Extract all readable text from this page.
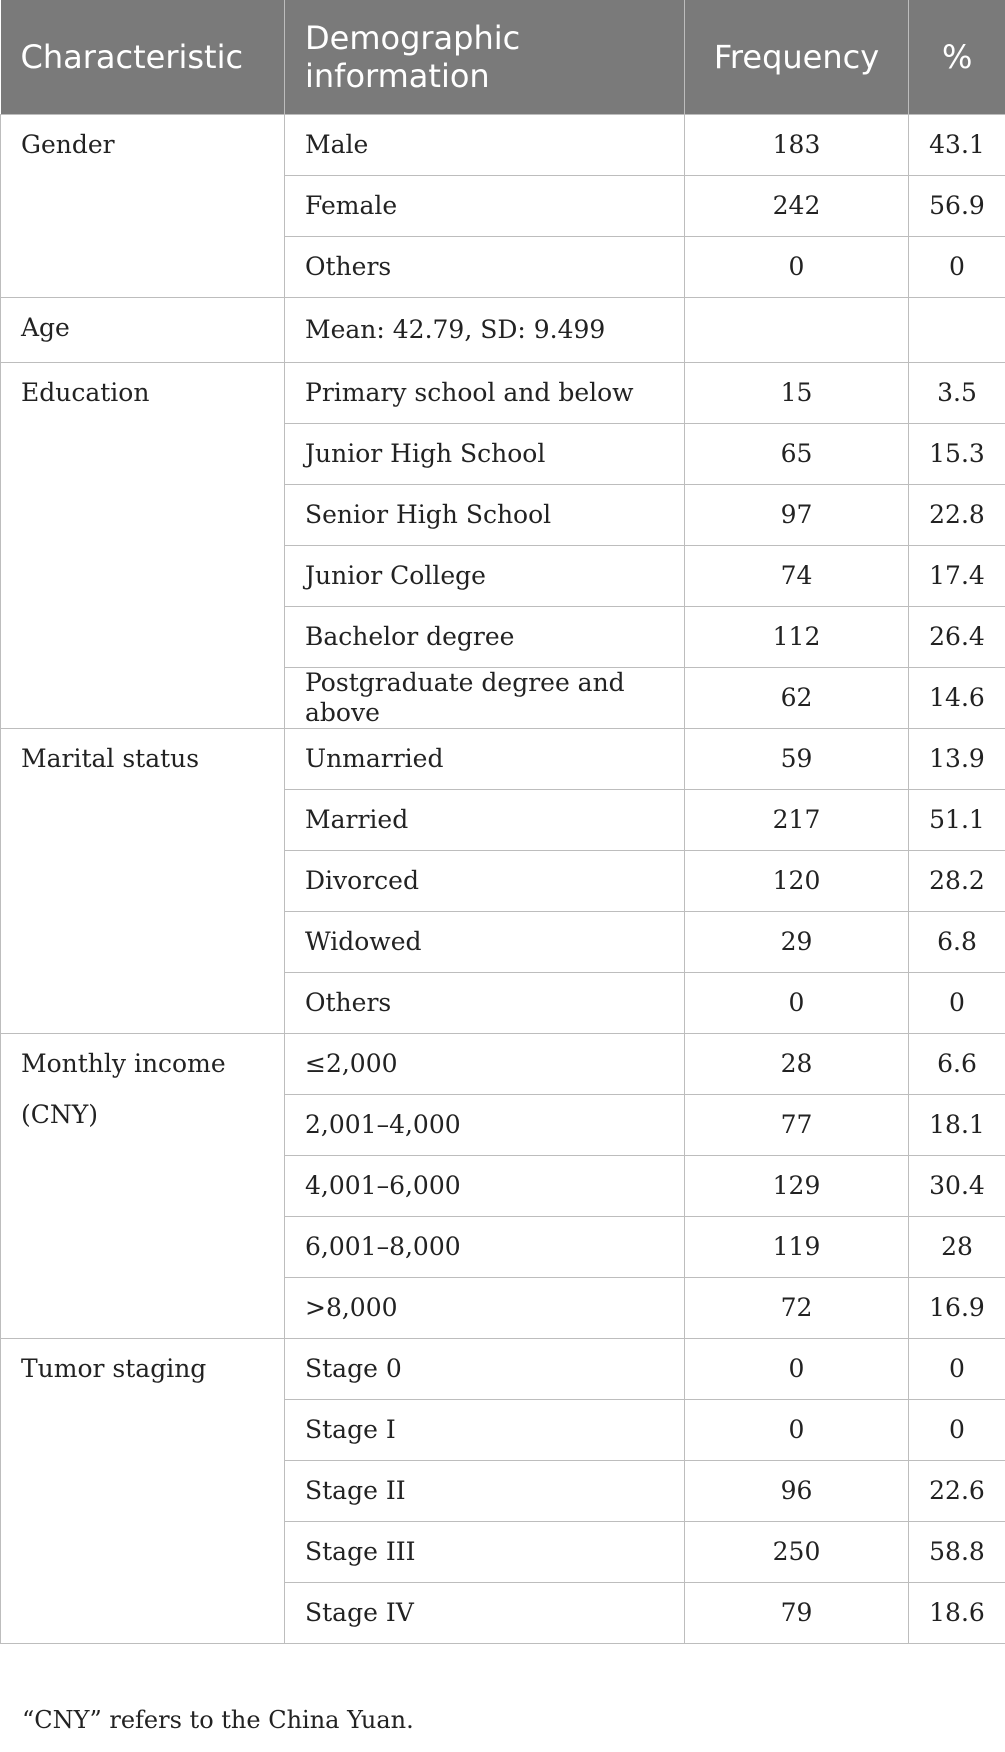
Characteristic	Demographic information	Frequency	%
Gender	Male	183	43.1
	Female	242	56.9
	Others	0	0
Age	Mean: 42.79, SD: 9.499		
Education	Primary school and below	15	3.5
	Junior High School	65	15.3
	Senior High School	97	22.8
	Junior College	74	17.4
	Bachelor degree	112	26.4
	Postgraduate degree and above	62	14.6
Marital status	Unmarried	59	13.9
	Married	217	51.1
	Divorced	120	28.2
	Widowed	29	6.8
	Others	0	0
Monthly income (CNY)	≤2,000	28	6.6
	2,001–4,000	77	18.1
	4,001–6,000	129	30.4
	6,001–8,000	119	28
	>8,000	72	16.9
Tumor staging	Stage 0	0	0
	Stage I	0	0
	Stage II	96	22.6
	Stage III	250	58.8
	Stage IV	79	18.6
“CNY” refers to the China Yuan.
